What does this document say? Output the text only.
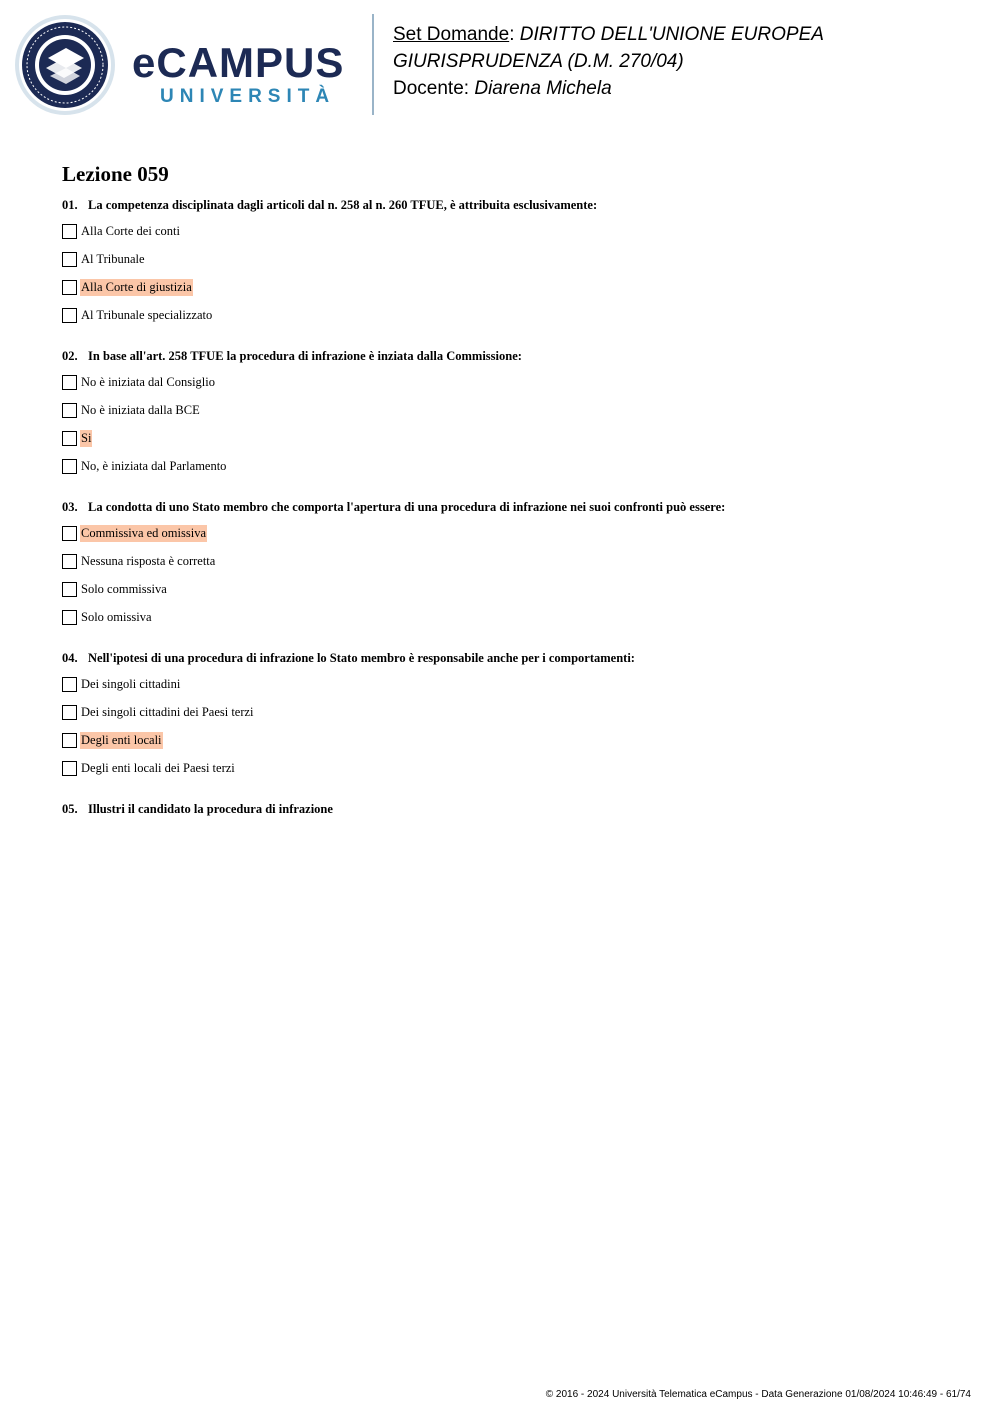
eCAMPUS
UNIVERSITÀ
Set Domande: DIRITTO DELL'UNIONE EUROPEA
GIURISPRUDENZA (D.M. 270/04)
Docente: Diarena Michela
Lezione 059
01. La competenza disciplinata dagli articoli dal n. 258 al n. 260 TFUE, è attribuita esclusivamente:
Alla Corte dei conti
Al Tribunale
Alla Corte di giustizia
Al Tribunale specializzato
02. In base all'art. 258 TFUE la procedura di infrazione è inziata dalla Commissione:
No è iniziata dal Consiglio
No è iniziata dalla BCE
Si
No, è iniziata dal Parlamento
03. La condotta di uno Stato membro che comporta l'apertura di una procedura di infrazione nei suoi confronti può essere:
Commissiva ed omissiva
Nessuna risposta è corretta
Solo commissiva
Solo omissiva
04. Nell'ipotesi di una procedura di infrazione lo Stato membro è responsabile anche per i comportamenti:
Dei singoli cittadini
Dei singoli cittadini dei Paesi terzi
Degli enti locali
Degli enti locali dei Paesi terzi
05. Illustri il candidato la procedura di infrazione
© 2016 - 2024 Università Telematica eCampus - Data Generazione 01/08/2024 10:46:49 - 61/74
